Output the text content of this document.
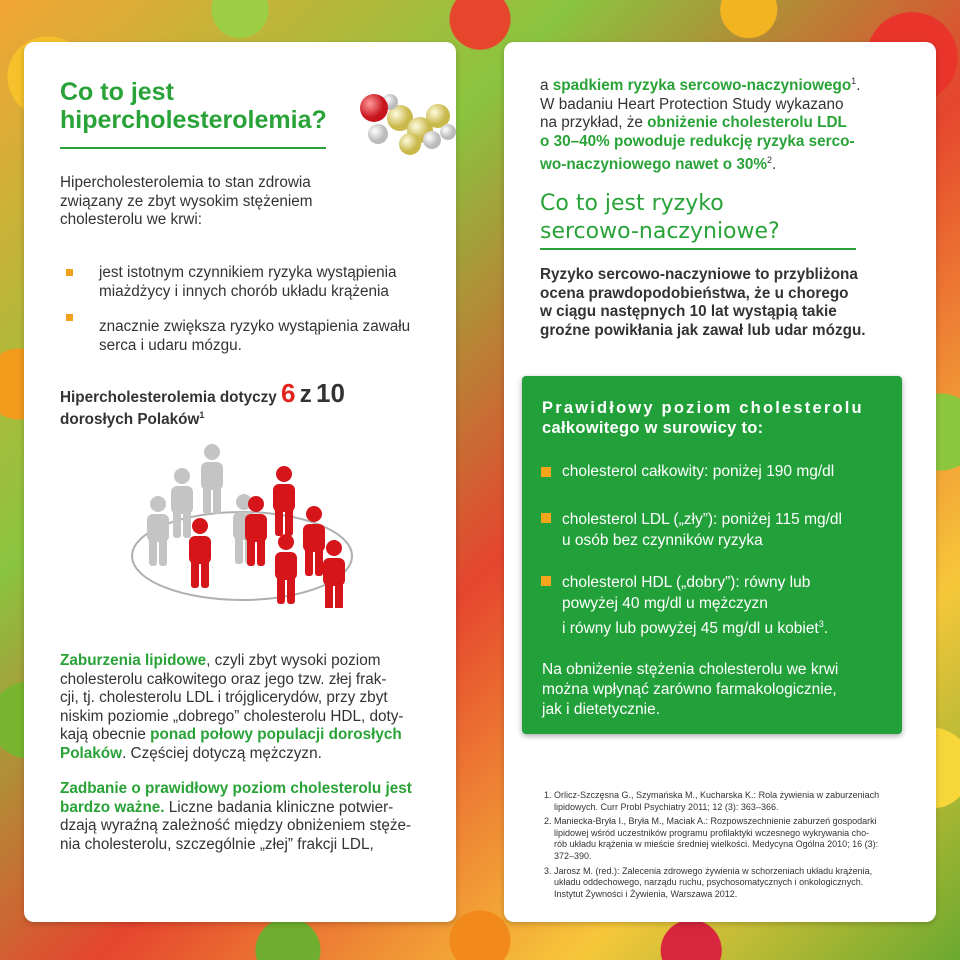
Co to jest
hipercholesterolemia?
Hipercholesterolemia to stan zdrowia
związany ze zbyt wysokim stężeniem
cholesterolu we krwi:
jest istotnym czynnikiem ryzyka wystąpienia
miażdżycy i innych chorób układu krążenia
znacznie zwiększa ryzyko wystąpienia zawału
serca i udaru mózgu.
Hipercholesterolemia dotyczy 6 z 10
dorosłych Polaków$^1$
Zaburzenia lipidowe, czyli zbyt wysoki poziom
cholesterolu całkowitego oraz jego tzw. złej frak-
cji, tj. cholesterolu LDL i trójglicerydów, przy zbyt
niskim poziomie „dobrego” cholesterolu HDL, doty-
kają obecnie ponad połowy populacji dorosłych
Polaków. Częściej dotyczą mężczyzn.
Zadbanie o prawidłowy poziom cholesterolu jest
bardzo ważne. Liczne badania kliniczne potwier-
dzają wyraźną zależność między obniżeniem stęże-
nia cholesterolu, szczególnie „złej” frakcji LDL,
a spadkiem ryzyka sercowo-naczyniowego$^1$.
W badaniu Heart Protection Study wykazano
na przykład, że obniżenie cholesterolu LDL
o 30–40% powoduje redukcję ryzyka serco-
wo-naczyniowego nawet o 30%$^2$.
Co to jest ryzyko
sercowo-naczyniowe?
Ryzyko sercowo-naczyniowe to przybliżona
ocena prawdopodobieństwa, że u chorego
w ciągu następnych 10 lat wystąpią takie
groźne powikłania jak zawał lub udar mózgu.
1. Orlicz-Szczęsna G., Szymańska M., Kucharska K.: Rola żywienia w zaburzeniach
lipidowych. Curr Probl Psychiatry 2011; 12 (3): 363–366.
2. Maniecka-Bryła I., Bryła M., Maciak A.: Rozpowszechnienie zaburzeń gospodarki
lipidowej wśród uczestników programu profilaktyki wczesnego wykrywania cho-
rób układu krążenia w mieście średniej wielkości. Medycyna Ogólna 2010; 16 (3):
372–390.
3. Jarosz M. (red.): Zalecenia zdrowego żywienia w schorzeniach układu krążenia,
układu oddechowego, narządu ruchu, psychosomatycznych i onkologicznych.
Instytut Żywności i Żywienia, Warszawa 2012.
Prawidłowy poziom cholesterolu
całkowitego w surowicy to:
cholesterol całkowity: poniżej 190 mg/dl
cholesterol LDL („zły”): poniżej 115 mg/dl
u osób bez czynników ryzyka
cholesterol HDL („dobry”): równy lub
powyżej 40 mg/dl u mężczyzn
i równy lub powyżej 45 mg/dl u kobiet$^3$.
Na obniżenie stężenia cholesterolu we krwi
można wpłynąć zarówno farmakologicznie,
jak i dietetycznie.
